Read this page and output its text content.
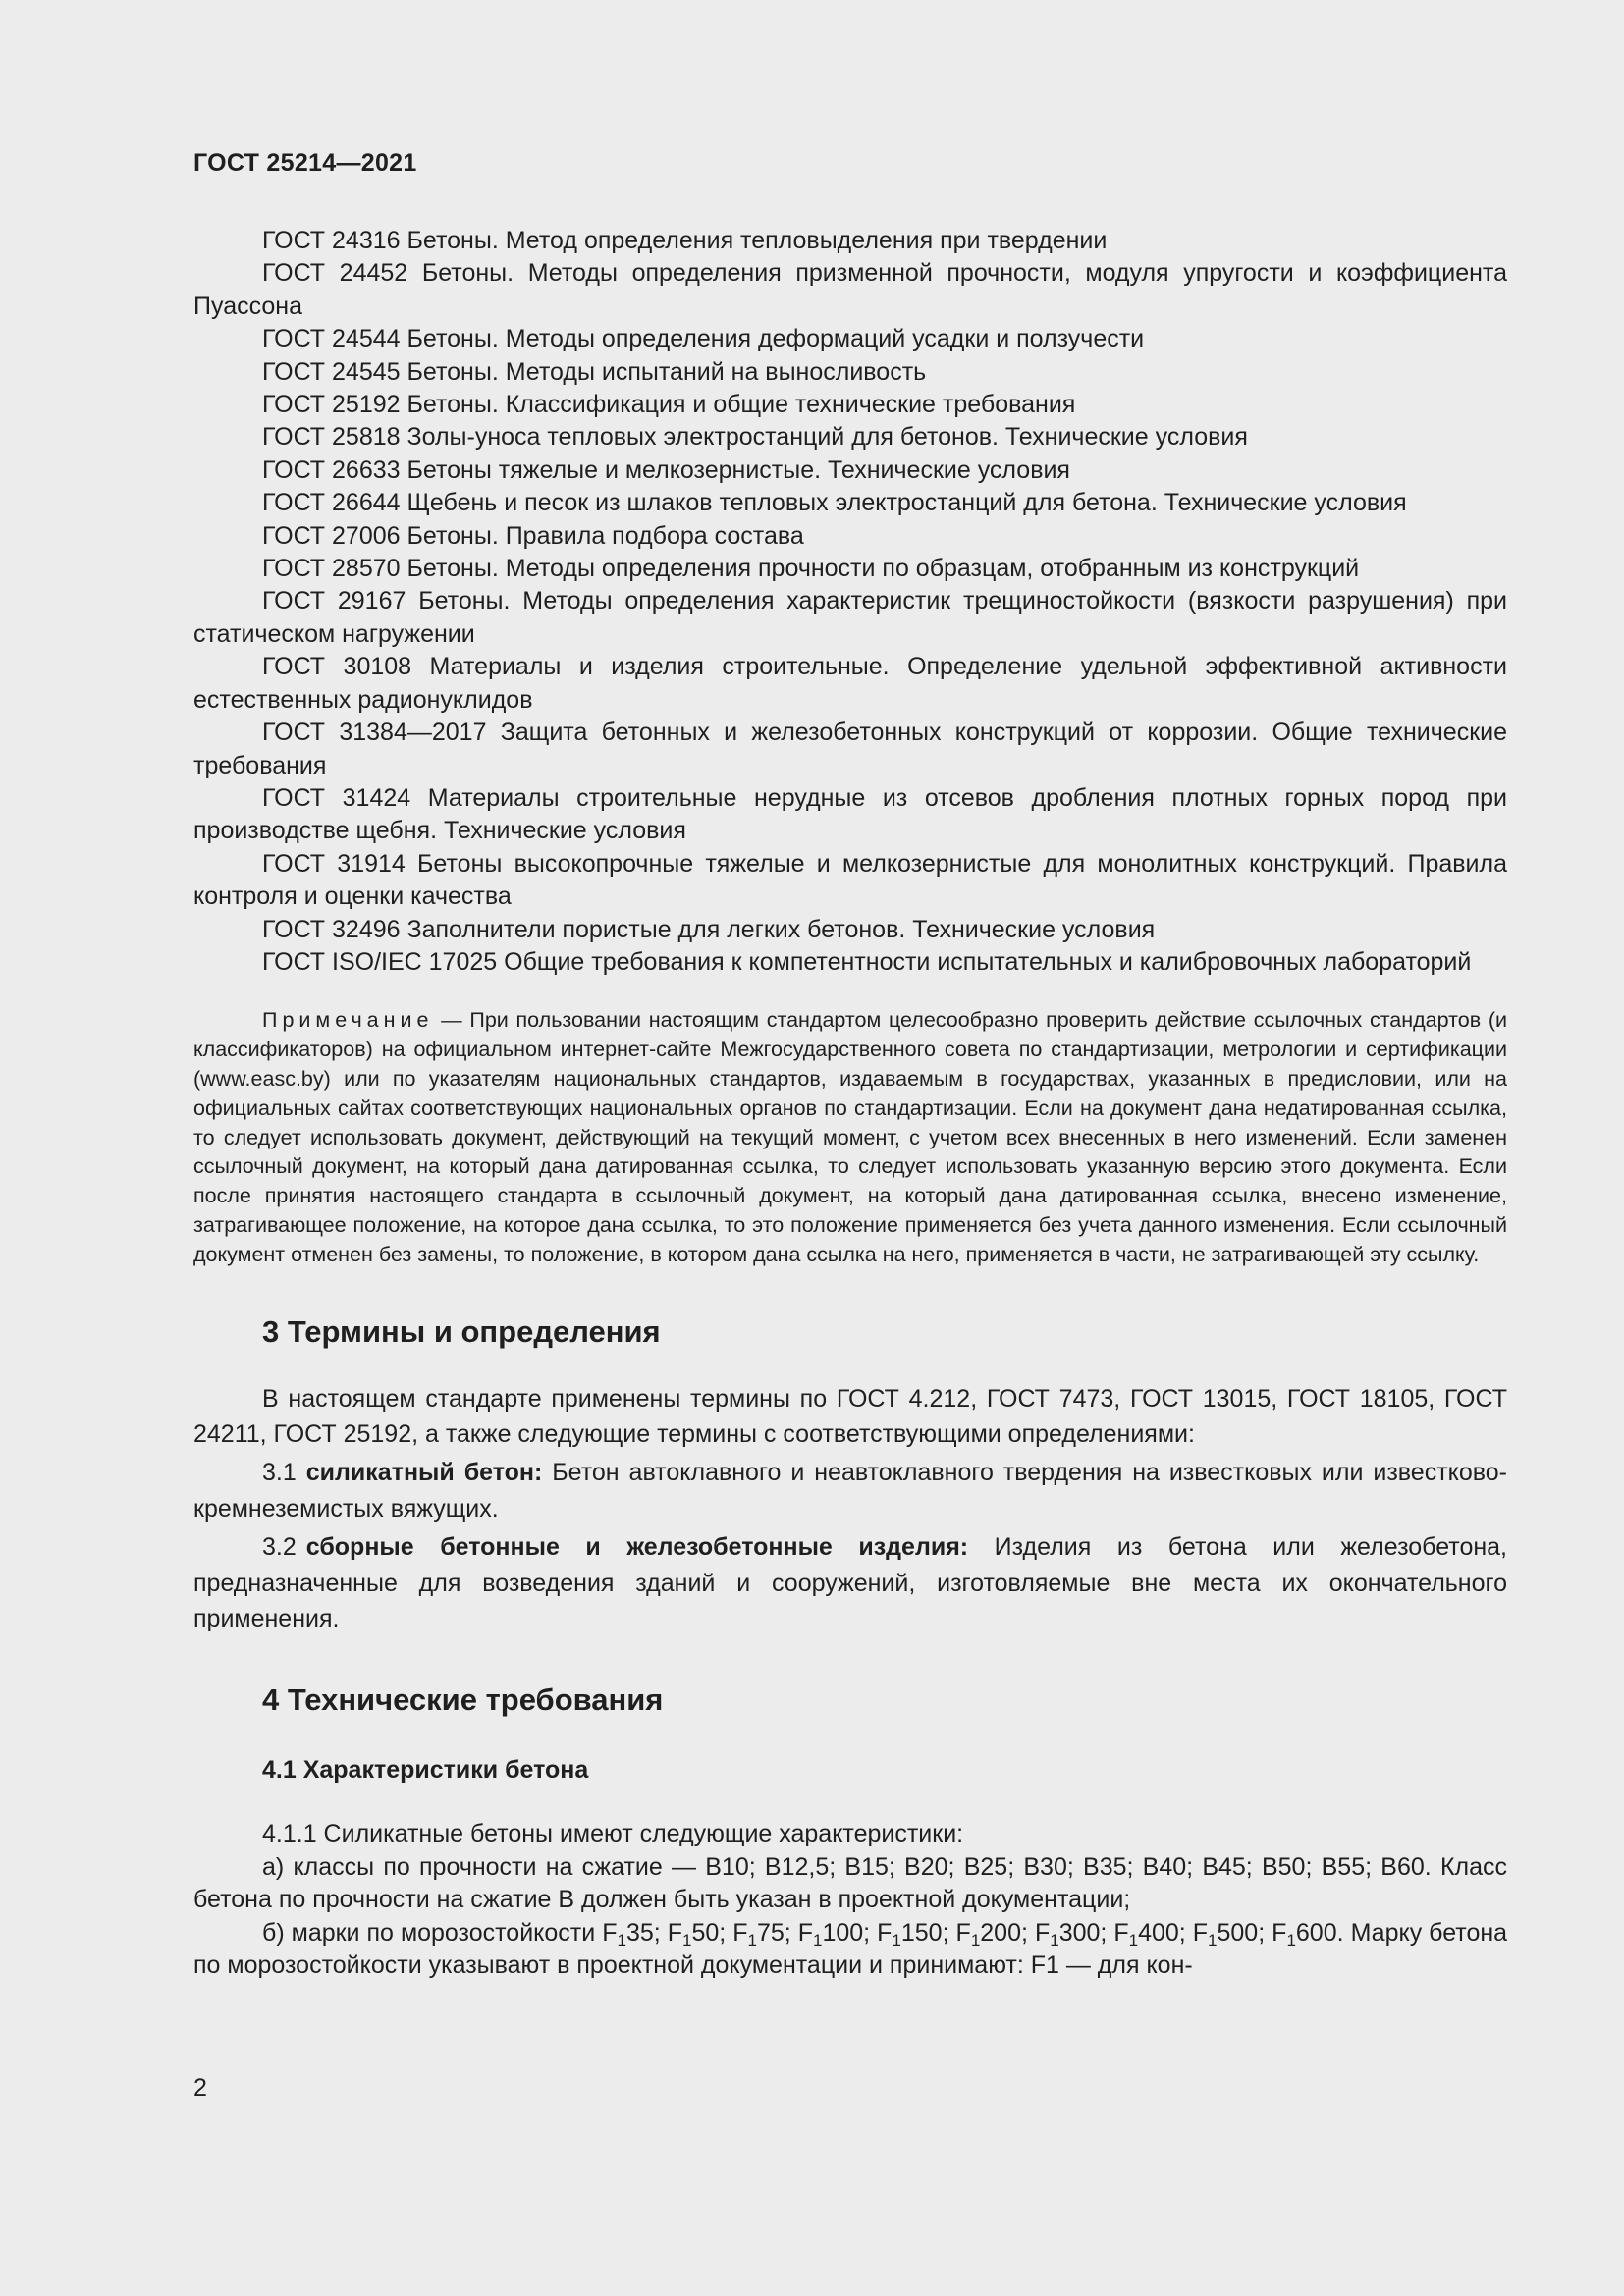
ГОСТ 25214—2021

ГОСТ 24316 Бетоны. Метод определения тепловыделения при твердении

ГОСТ 24452 Бетоны. Методы определения призменной прочности, модуля упругости и коэффициента Пуассона

ГОСТ 24544 Бетоны. Методы определения деформаций усадки и ползучести

ГОСТ 24545 Бетоны. Методы испытаний на выносливость

ГОСТ 25192 Бетоны. Классификация и общие технические требования

ГОСТ 25818 Золы-уноса тепловых электростанций для бетонов. Технические условия

ГОСТ 26633 Бетоны тяжелые и мелкозернистые. Технические условия

ГОСТ 26644 Щебень и песок из шлаков тепловых электростанций для бетона. Технические условия

ГОСТ 27006 Бетоны. Правила подбора состава

ГОСТ 28570 Бетоны. Методы определения прочности по образцам, отобранным из конструкций

ГОСТ 29167 Бетоны. Методы определения характеристик трещиностойкости (вязкости разрушения) при статическом нагружении

ГОСТ 30108 Материалы и изделия строительные. Определение удельной эффективной активности естественных радионуклидов

ГОСТ 31384—2017 Защита бетонных и железобетонных конструкций от коррозии. Общие технические требования

ГОСТ 31424 Материалы строительные нерудные из отсевов дробления плотных горных пород при производстве щебня. Технические условия

ГОСТ 31914 Бетоны высокопрочные тяжелые и мелкозернистые для монолитных конструкций. Правила контроля и оценки качества

ГОСТ 32496 Заполнители пористые для легких бетонов. Технические условия

ГОСТ ISO/IEC 17025 Общие требования к компетентности испытательных и калибровочных лабораторий

Примечание — При пользовании настоящим стандартом целесообразно проверить действие ссылочных стандартов (и классификаторов) на официальном интернет-сайте Межгосударственного совета по стандартизации, метрологии и сертификации (www.easc.by) или по указателям национальных стандартов, издаваемым в государствах, указанных в предисловии, или на официальных сайтах соответствующих национальных органов по стандартизации. Если на документ дана недатированная ссылка, то следует использовать документ, действующий на текущий момент, с учетом всех внесенных в него изменений. Если заменен ссылочный документ, на который дана датированная ссылка, то следует использовать указанную версию этого документа. Если после принятия настоящего стандарта в ссылочный документ, на который дана датированная ссылка, внесено изменение, затрагивающее положение, на которое дана ссылка, то это положение применяется без учета данного изменения. Если ссылочный документ отменен без замены, то положение, в котором дана ссылка на него, применяется в части, не затрагивающей эту ссылку.

3 Термины и определения

В настоящем стандарте применены термины по ГОСТ 4.212, ГОСТ 7473, ГОСТ 13015, ГОСТ 18105, ГОСТ 24211, ГОСТ 25192, а также следующие термины с соответствующими определениями:

3.1 силикатный бетон: Бетон автоклавного и неавтоклавного твердения на известковых или известково-кремнеземистых вяжущих.

3.2 сборные бетонные и железобетонные изделия: Изделия из бетона или железобетона, предназначенные для возведения зданий и сооружений, изготовляемые вне места их окончательного применения.

4 Технические требования
4.1 Характеристики бетона

4.1.1 Силикатные бетоны имеют следующие характеристики:

а) классы по прочности на сжатие — В10; В12,5; В15; В20; В25; В30; В35; В40; В45; В50; В55; В60. Класс бетона по прочности на сжатие В должен быть указан в проектной документации;

б) марки по морозостойкости $F_135$; $F_150$; $F_175$; $F_1100$; $F_1150$; $F_1200$; $F_1300$; $F_1400$; $F_1500$; $F_1600$. Марку бетона по морозостойкости указывают в проектной документации и принимают: F1 — для кон-

2
